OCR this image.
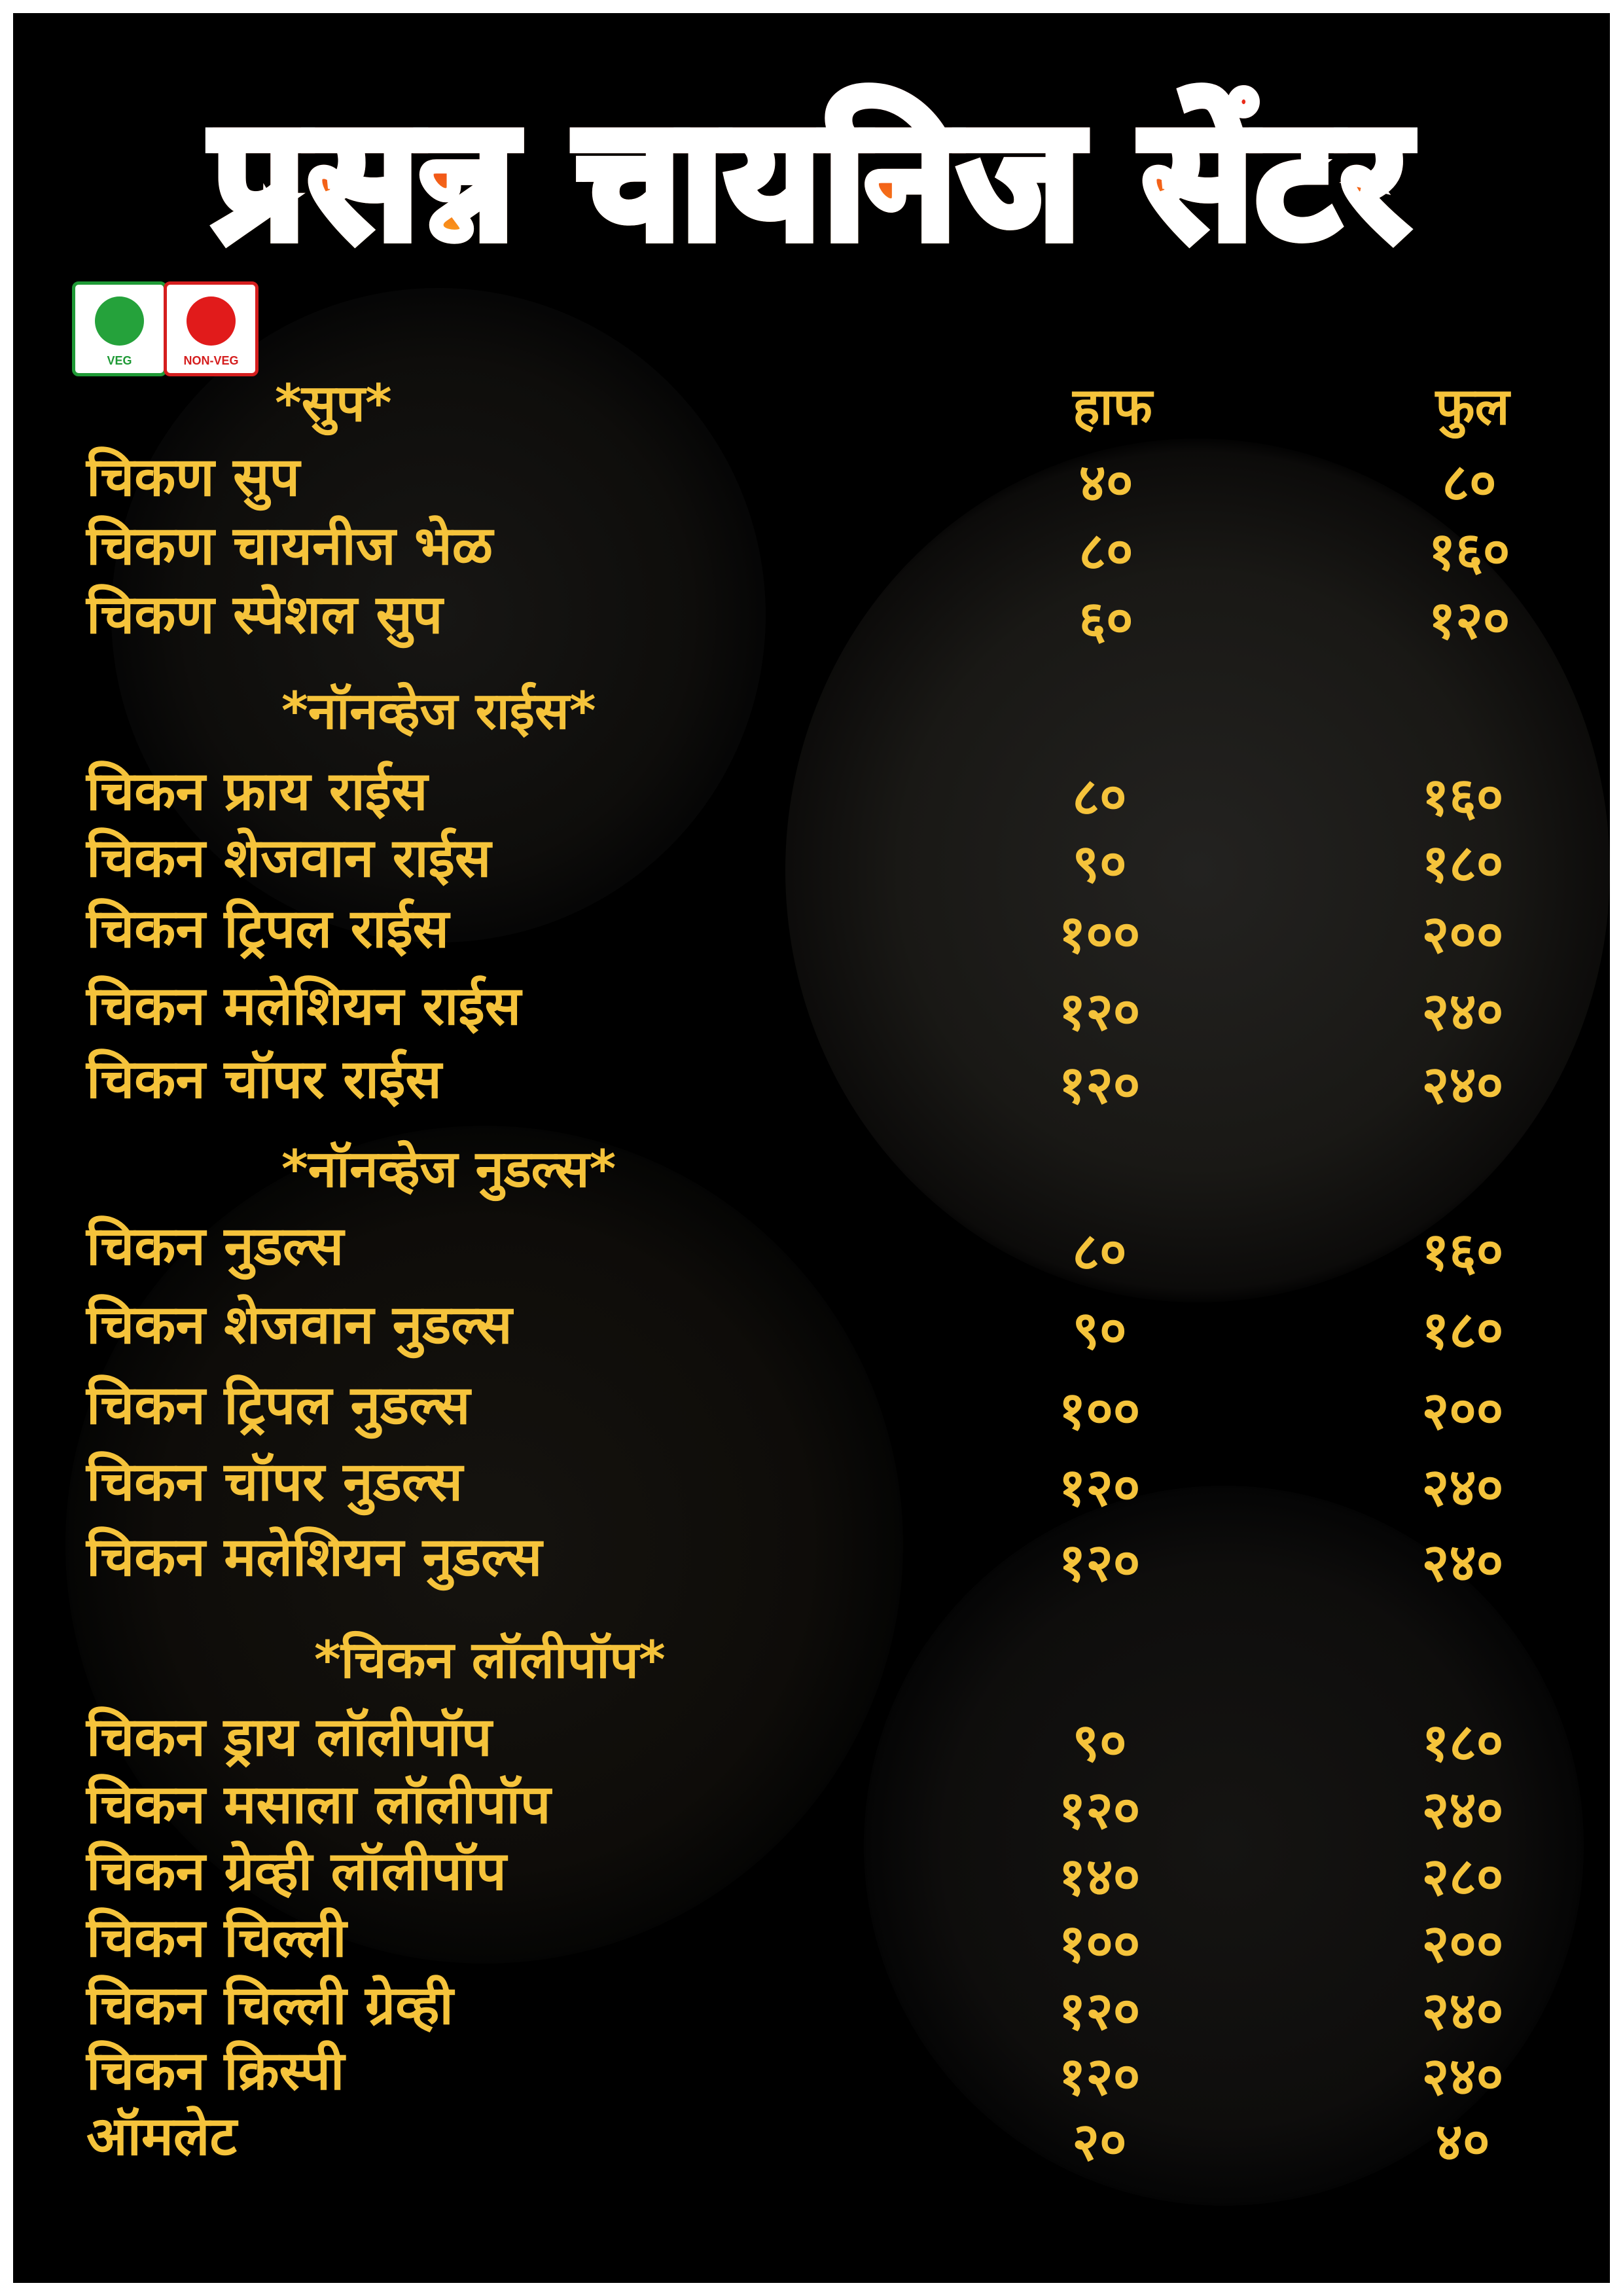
प्रसन्न चायनिज सेंटर
VEG	NON-VEG
हाफ	फुल
*सुप*
चिकण सुप	४०	८०
चिकण चायनीज भेळ	८०	१६०
चिकण स्पेशल सुप	६०	१२०
*नॉनव्हेज राईस*
चिकन फ्राय राईस	८०	१६०
चिकन शेजवान राईस	९०	१८०
चिकन ट्रिपल राईस	१००	२००
चिकन मलेशियन राईस	१२०	२४०
चिकन चॉपर राईस	१२०	२४०
*नॉनव्हेज नुडल्स*
चिकन नुडल्स	८०	१६०
चिकन शेजवान नुडल्स	९०	१८०
चिकन ट्रिपल नुडल्स	१००	२००
चिकन चॉपर नुडल्स	१२०	२४०
चिकन मलेशियन नुडल्स	१२०	२४०
*चिकन लॉलीपॉप*
चिकन ड्राय लॉलीपॉप	९०	१८०
चिकन मसाला लॉलीपॉप	१२०	२४०
चिकन ग्रेव्ही लॉलीपॉप	१४०	२८०
चिकन चिल्ली	१००	२००
चिकन चिल्ली ग्रेव्ही	१२०	२४०
चिकन क्रिस्पी	१२०	२४०
ऑमलेट	२०	४०
